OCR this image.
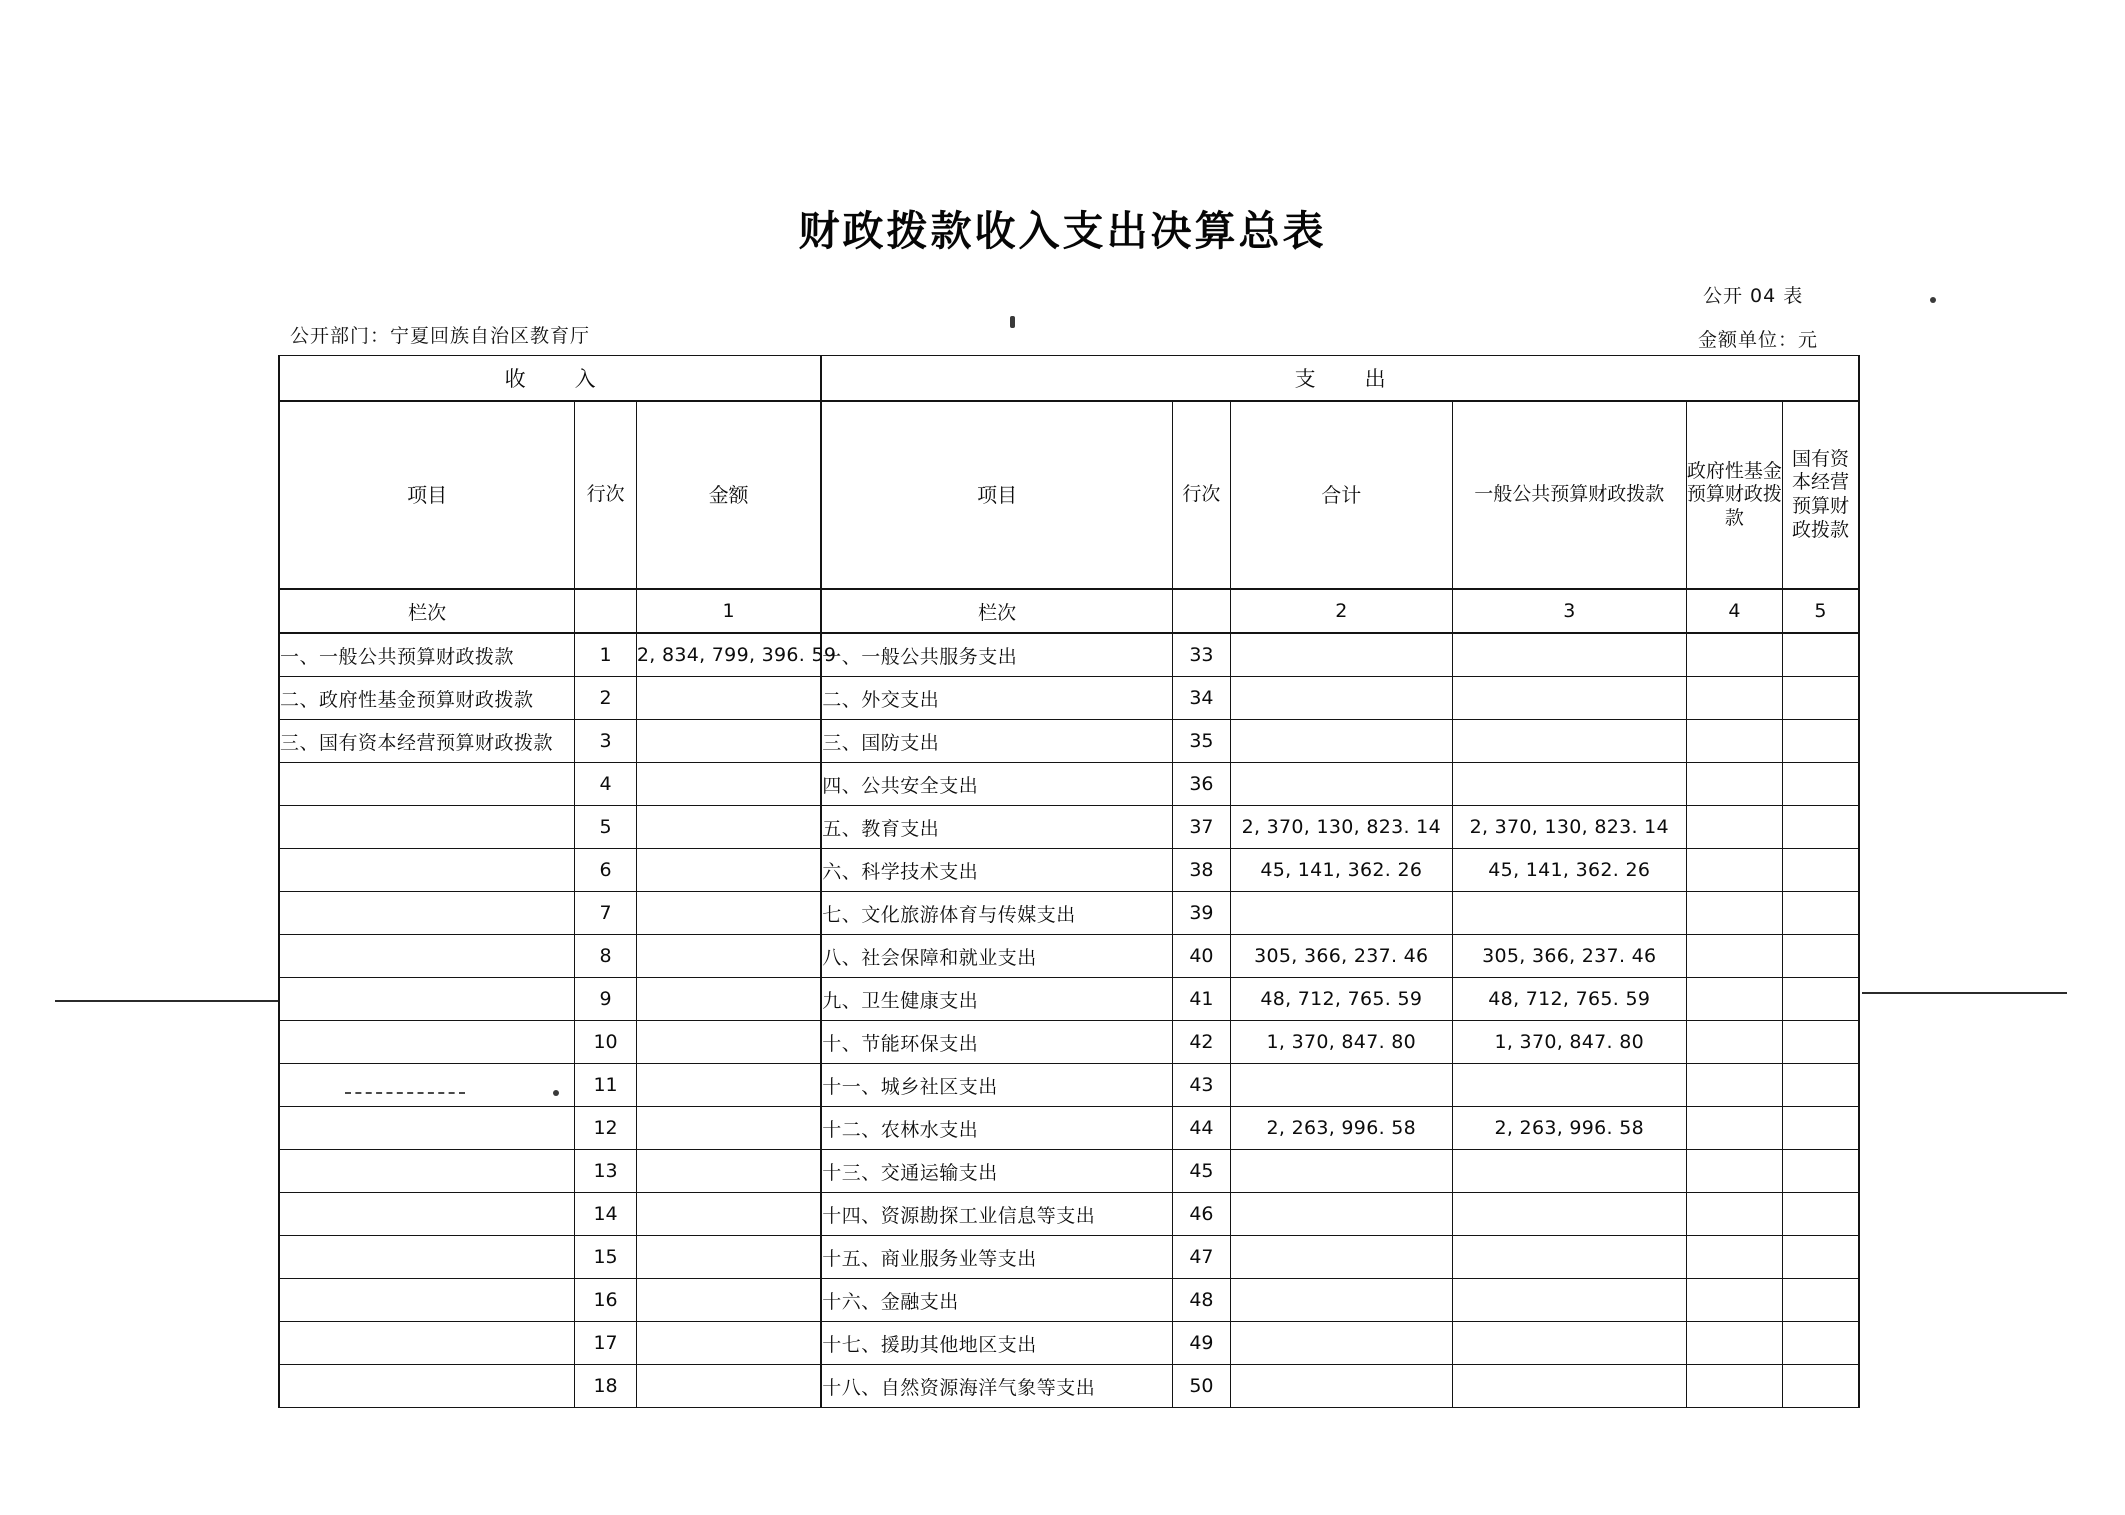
财政拨款收入支出决算总表
公开 04 表
公开部门：宁夏回族自治区教育厅	金额单位：元
收　入			支　出					
项目	行次	金额	项目	行次	合计	一般公共预算财政拨款	政府性基金预算财政拨款	国有资本经营预算财政拨款
栏次		1	栏次		2	3	4	5
一、一般公共预算财政拨款	1	2, 834, 799, 396. 59	一、一般公共服务支出	33				
二、政府性基金预算财政拨款	2		二、外交支出	34				
三、国有资本经营预算财政拨款	3		三、国防支出	35				
	4		四、公共安全支出	36				
	5		五、教育支出	37	2, 370, 130, 823. 14	2, 370, 130, 823. 14		
	6		六、科学技术支出	38	45, 141, 362. 26	45, 141, 362. 26		
	7		七、文化旅游体育与传媒支出	39				
	8		八、社会保障和就业支出	40	305, 366, 237. 46	305, 366, 237. 46		
	9		九、卫生健康支出	41	48, 712, 765. 59	48, 712, 765. 59		
	10		十、节能环保支出	42	1, 370, 847. 80	1, 370, 847. 80		
	11		十一、城乡社区支出	43				
	12		十二、农林水支出	44	2, 263, 996. 58	2, 263, 996. 58		
	13		十三、交通运输支出	45				
	14		十四、资源勘探工业信息等支出	46				
	15		十五、商业服务业等支出	47				
	16		十六、金融支出	48				
	17		十七、援助其他地区支出	49				
	18		十八、自然资源海洋气象等支出	50				
